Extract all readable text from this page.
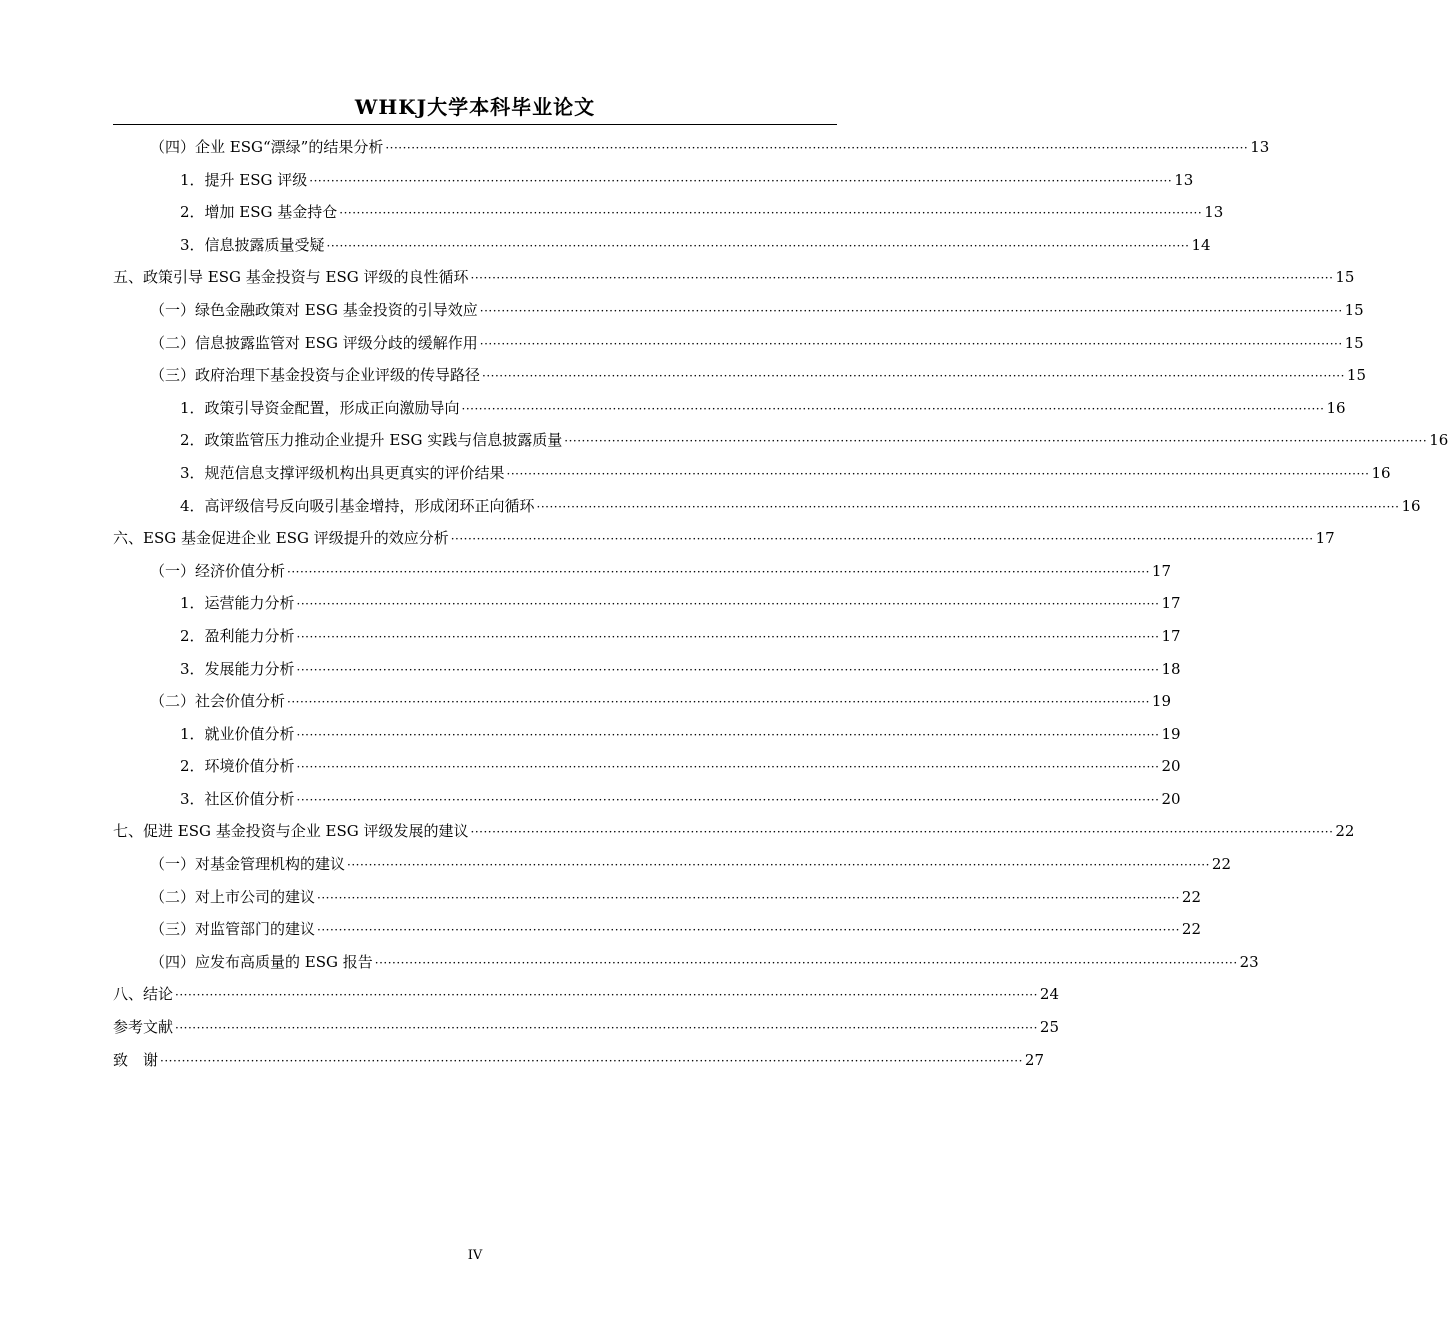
WHKJ大学本科毕业论文
（四）企业 ESG“漂绿”的结果分析 ········································································································································································································ 13
1．提升 ESG 评级 ········································································································································································································ 13
2．增加 ESG 基金持仓 ········································································································································································································ 13
3．信息披露质量受疑 ········································································································································································································ 14
五、政策引导 ESG 基金投资与 ESG 评级的良性循环 ········································································································································································································ 15
（一）绿色金融政策对 ESG 基金投资的引导效应 ········································································································································································································ 15
（二）信息披露监管对 ESG 评级分歧的缓解作用 ········································································································································································································ 15
（三）政府治理下基金投资与企业评级的传导路径 ········································································································································································································ 15
1．政策引导资金配置，形成正向激励导向 ········································································································································································································ 16
2．政策监管压力推动企业提升 ESG 实践与信息披露质量 ········································································································································································································ 16
3．规范信息支撑评级机构出具更真实的评价结果 ········································································································································································································ 16
4．高评级信号反向吸引基金增持，形成闭环正向循环 ········································································································································································································ 16
六、ESG 基金促进企业 ESG 评级提升的效应分析 ········································································································································································································ 17
（一）经济价值分析 ········································································································································································································ 17
1．运营能力分析 ········································································································································································································ 17
2．盈利能力分析 ········································································································································································································ 17
3．发展能力分析 ········································································································································································································ 18
（二）社会价值分析 ········································································································································································································ 19
1．就业价值分析 ········································································································································································································ 19
2．环境价值分析 ········································································································································································································ 20
3．社区价值分析 ········································································································································································································ 20
七、促进 ESG 基金投资与企业 ESG 评级发展的建议 ········································································································································································································ 22
（一）对基金管理机构的建议 ········································································································································································································ 22
（二）对上市公司的建议 ········································································································································································································ 22
（三）对监管部门的建议 ········································································································································································································ 22
（四）应发布高质量的 ESG 报告 ········································································································································································································ 23
八、结论 ········································································································································································································ 24
参考文献 ········································································································································································································ 25
致　谢 ········································································································································································································ 27
IV
